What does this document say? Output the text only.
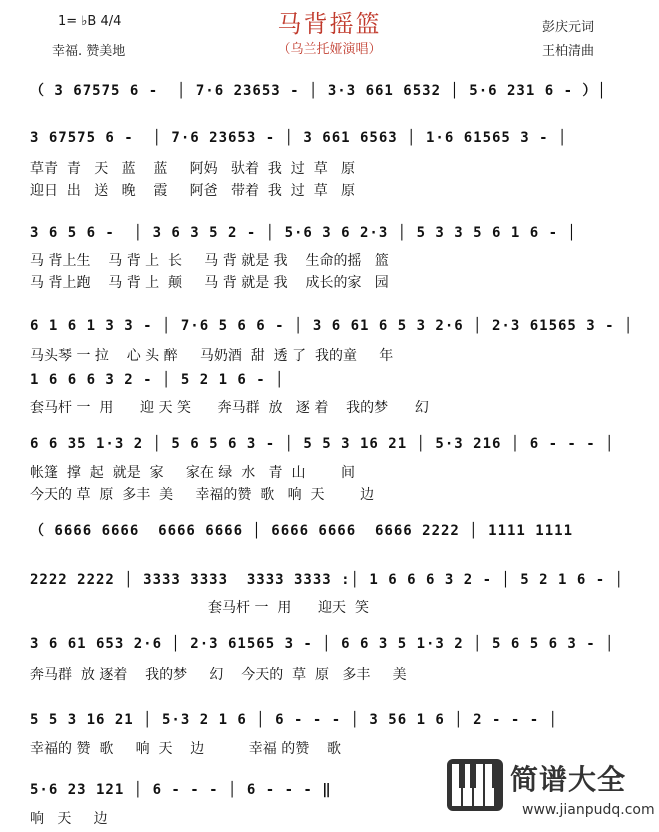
马背摇篮
（乌兰托娅演唱）
1= ♭B 4/4
幸福. 赞美地
彭庆元词
王柏清曲
（ 3 67575 6 -  │ 7·6 23653 - │ 3·3 661 6532 │ 5·6 231 6 - ）│
3 67575 6 -  │ 7·6 23653 - │ 3 661 6563 │ 1·6 61565 3 - │
草青  青   天   蓝    蓝     阿妈   驮着  我  过  草   原
迎日  出   送   晚    霞     阿爸   带着  我  过  草   原
3 6 5 6 -  │ 3 6 3 5 2 - │ 5·6 3 6 2·3 │ 5 3 3 5 6 1 6 - │
马 背上生    马 背 上  长     马 背 就是 我    生命的摇   篮
马 背上跑    马 背 上  颠     马 背 就是 我    成长的家   园
6 1 6 1 3 3 - │ 7·6 5 6 6 - │ 3 6 61 6 5 3 2·6 │ 2·3 61565 3 - │
马头琴 一 拉    心 头 醉     马奶酒  甜  透 了  我的童     年
1 6 6 6 3 2 - │ 5 2 1 6 - │
套马杆 一  用      迎 天 笑      奔马群  放   逐 着    我的梦      幻
6 6 35 1·3 2 │ 5 6 5 6 3 - │ 5 5 3 16 21 │ 5·3 216 │ 6 - - - │
帐篷  撑  起  就是  家     家在 绿  水   青  山        间
今天的 草  原  多丰  美     幸福的赞  歌   响  天        边
（ 6666 6666  6666 6666 │ 6666 6666  6666 2222 │ 1111 1111
2222 2222 │ 3333 3333  3333 3333 :│ 1 6 6 6 3 2 - │ 5 2 1 6 - │
套马杆 一  用      迎天  笑
3 6 61 653 2·6 │ 2·3 61565 3 - │ 6 6 3 5 1·3 2 │ 5 6 5 6 3 - │
奔马群  放 逐着    我的梦     幻    今天的  草  原   多丰     美
5 5 3 16 21 │ 5·3 2 1 6 │ 6 - - - │ 3 56 1 6 │ 2 - - - │
幸福的 赞  歌     响  天    边          幸福 的赞    歌
5·6 23 121 │ 6 - - - │ 6 - - - ‖
响   天     边
简谱大全
www.jianpudq.com
